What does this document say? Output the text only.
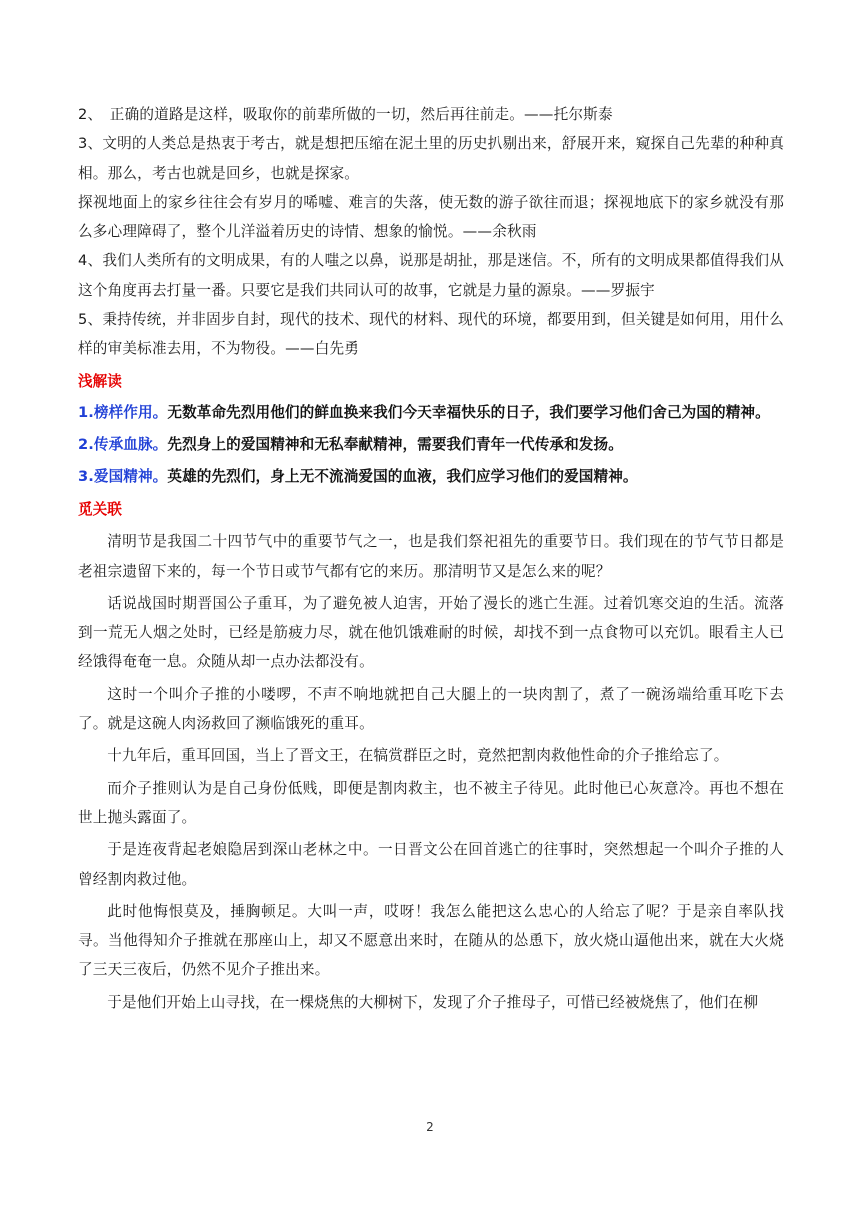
2、　正确的道路是这样，吸取你的前辈所做的一切，然后再往前走。——托尔斯泰

3、文明的人类总是热衷于考古，就是想把压缩在泥土里的历史扒剔出来，舒展开来，窥探自己先辈的种种真相。那么，考古也就是回乡，也就是探家。

探视地面上的家乡往往会有岁月的唏嘘、难言的失落，使无数的游子欲往而退；探视地底下的家乡就没有那么多心理障碍了，整个儿洋溢着历史的诗情、想象的愉悦。——余秋雨

4、我们人类所有的文明成果，有的人嗤之以鼻，说那是胡扯，那是迷信。不，所有的文明成果都值得我们从这个角度再去打量一番。只要它是我们共同认可的故事，它就是力量的源泉。——罗振宇

5、秉持传统，并非固步自封，现代的技术、现代的材料、现代的环境，都要用到，但关键是如何用，用什么样的审美标准去用，不为物役。——白先勇

浅解读

1.榜样作用。无数革命先烈用他们的鲜血换来我们今天幸福快乐的日子，我们要学习他们舍己为国的精神。

2.传承血脉。先烈身上的爱国精神和无私奉献精神，需要我们青年一代传承和发扬。

3.爱国精神。英雄的先烈们，身上无不流淌爱国的血液，我们应学习他们的爱国精神。

觅关联

清明节是我国二十四节气中的重要节气之一，也是我们祭祀祖先的重要节日。我们现在的节气节日都是老祖宗遗留下来的，每一个节日或节气都有它的来历。那清明节又是怎么来的呢？

话说战国时期晋国公子重耳，为了避免被人迫害，开始了漫长的逃亡生涯。过着饥寒交迫的生活。流落到一荒无人烟之处时，已经是筋疲力尽，就在他饥饿难耐的时候，却找不到一点食物可以充饥。眼看主人已经饿得奄奄一息。众随从却一点办法都没有。

这时一个叫介子推的小喽啰，不声不响地就把自己大腿上的一块肉割了，煮了一碗汤端给重耳吃下去了。就是这碗人肉汤救回了濒临饿死的重耳。

十九年后，重耳回国，当上了晋文王，在犒赏群臣之时，竟然把割肉救他性命的介子推给忘了。

而介子推则认为是自己身份低贱，即便是割肉救主，也不被主子待见。此时他已心灰意冷。再也不想在世上抛头露面了。

于是连夜背起老娘隐居到深山老林之中。一日晋文公在回首逃亡的往事时，突然想起一个叫介子推的人曾经割肉救过他。

此时他悔恨莫及，捶胸顿足。大叫一声，哎呀！我怎么能把这么忠心的人给忘了呢？于是亲自率队找寻。当他得知介子推就在那座山上，却又不愿意出来时，在随从的怂恿下，放火烧山逼他出来，就在大火烧了三天三夜后，仍然不见介子推出来。

于是他们开始上山寻找，在一棵烧焦的大柳树下，发现了介子推母子，可惜已经被烧焦了，他们在柳

2
